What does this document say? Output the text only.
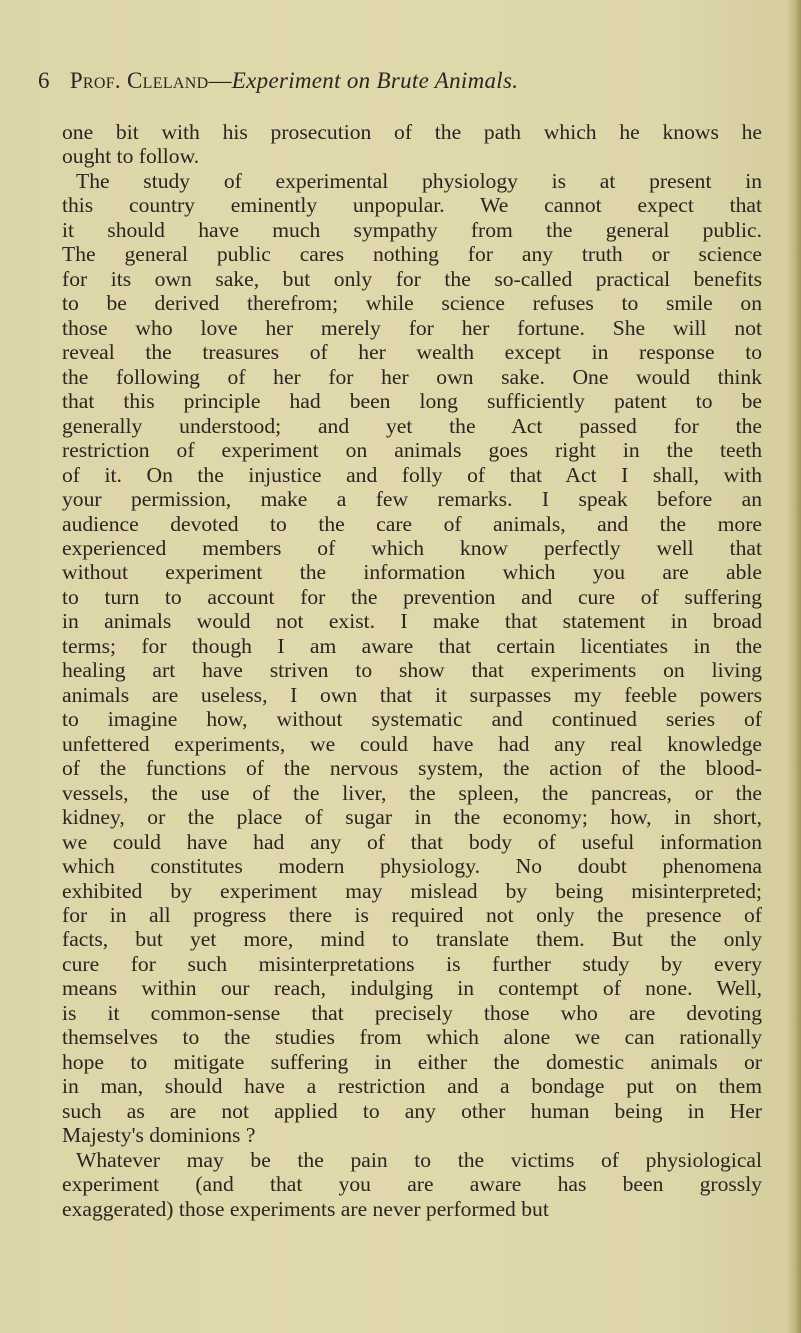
6 Prof. Cleland—Experiment on Brute Animals.
one bit with his prosecution of the path which he knows he
ought to follow.
The study of experimental physiology is at present in
this country eminently unpopular. We cannot expect that
it should have much sympathy from the general public.
The general public cares nothing for any truth or science
for its own sake, but only for the so-called practical benefits
to be derived therefrom; while science refuses to smile on
those who love her merely for her fortune. She will not
reveal the treasures of her wealth except in response to
the following of her for her own sake. One would think
that this principle had been long sufficiently patent to be
generally understood; and yet the Act passed for the
restriction of experiment on animals goes right in the teeth
of it. On the injustice and folly of that Act I shall, with
your permission, make a few remarks. I speak before an
audience devoted to the care of animals, and the more
experienced members of which know perfectly well that
without experiment the information which you are able
to turn to account for the prevention and cure of suffering
in animals would not exist. I make that statement in broad
terms; for though I am aware that certain licentiates in the
healing art have striven to show that experiments on living
animals are useless, I own that it surpasses my feeble powers
to imagine how, without systematic and continued series of
unfettered experiments, we could have had any real knowledge
of the functions of the nervous system, the action of the blood-
vessels, the use of the liver, the spleen, the pancreas, or the
kidney, or the place of sugar in the economy; how, in short,
we could have had any of that body of useful information
which constitutes modern physiology. No doubt phenomena
exhibited by experiment may mislead by being misinterpreted;
for in all progress there is required not only the presence of
facts, but yet more, mind to translate them. But the only
cure for such misinterpretations is further study by every
means within our reach, indulging in contempt of none. Well,
is it common-sense that precisely those who are devoting
themselves to the studies from which alone we can rationally
hope to mitigate suffering in either the domestic animals or
in man, should have a restriction and a bondage put on them
such as are not applied to any other human being in Her
Majesty's dominions ?
Whatever may be the pain to the victims of physiological
experiment (and that you are aware has been grossly
exaggerated) those experiments are never performed but
